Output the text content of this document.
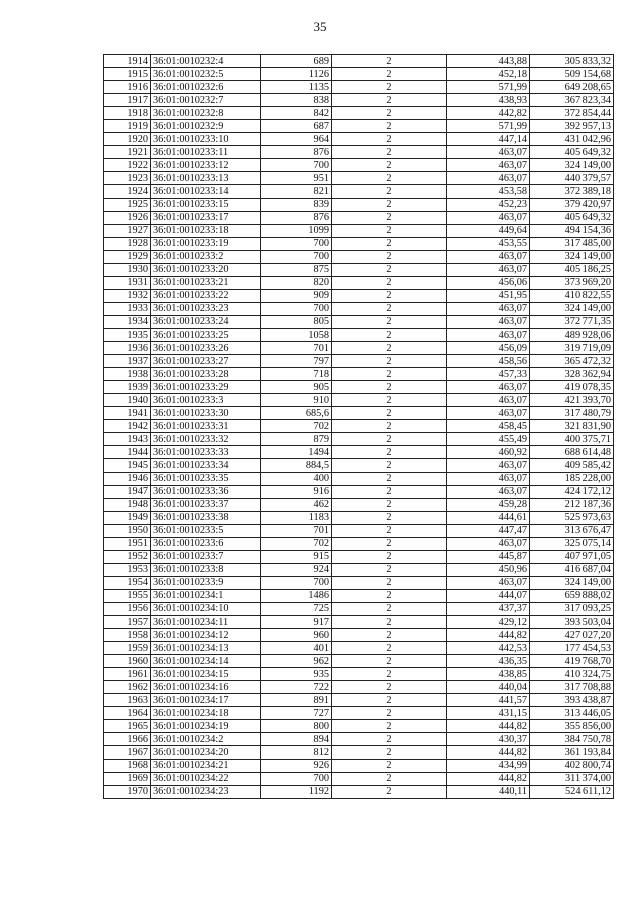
35
1914	36:01:0010232:4	689	2	443,88	305 833,32
1915	36:01:0010232:5	1126	2	452,18	509 154,68
1916	36:01:0010232:6	1135	2	571,99	649 208,65
1917	36:01:0010232:7	838	2	438,93	367 823,34
1918	36:01:0010232:8	842	2	442,82	372 854,44
1919	36:01:0010232:9	687	2	571,99	392 957,13
1920	36:01:0010233:10	964	2	447,14	431 042,96
1921	36:01:0010233:11	876	2	463,07	405 649,32
1922	36:01:0010233:12	700	2	463,07	324 149,00
1923	36:01:0010233:13	951	2	463,07	440 379,57
1924	36:01:0010233:14	821	2	453,58	372 389,18
1925	36:01:0010233:15	839	2	452,23	379 420,97
1926	36:01:0010233:17	876	2	463,07	405 649,32
1927	36:01:0010233:18	1099	2	449,64	494 154,36
1928	36:01:0010233:19	700	2	453,55	317 485,00
1929	36:01:0010233:2	700	2	463,07	324 149,00
1930	36:01:0010233:20	875	2	463,07	405 186,25
1931	36:01:0010233:21	820	2	456,06	373 969,20
1932	36:01:0010233:22	909	2	451,95	410 822,55
1933	36:01:0010233:23	700	2	463,07	324 149,00
1934	36:01:0010233:24	805	2	463,07	372 771,35
1935	36:01:0010233:25	1058	2	463,07	489 928,06
1936	36:01:0010233:26	701	2	456,09	319 719,09
1937	36:01:0010233:27	797	2	458,56	365 472,32
1938	36:01:0010233:28	718	2	457,33	328 362,94
1939	36:01:0010233:29	905	2	463,07	419 078,35
1940	36:01:0010233:3	910	2	463,07	421 393,70
1941	36:01:0010233:30	685,6	2	463,07	317 480,79
1942	36:01:0010233:31	702	2	458,45	321 831,90
1943	36:01:0010233:32	879	2	455,49	400 375,71
1944	36:01:0010233:33	1494	2	460,92	688 614,48
1945	36:01:0010233:34	884,5	2	463,07	409 585,42
1946	36:01:0010233:35	400	2	463,07	185 228,00
1947	36:01:0010233:36	916	2	463,07	424 172,12
1948	36:01:0010233:37	462	2	459,28	212 187,36
1949	36:01:0010233:38	1183	2	444,61	525 973,63
1950	36:01:0010233:5	701	2	447,47	313 676,47
1951	36:01:0010233:6	702	2	463,07	325 075,14
1952	36:01:0010233:7	915	2	445,87	407 971,05
1953	36:01:0010233:8	924	2	450,96	416 687,04
1954	36:01:0010233:9	700	2	463,07	324 149,00
1955	36:01:0010234:1	1486	2	444,07	659 888,02
1956	36:01:0010234:10	725	2	437,37	317 093,25
1957	36:01:0010234:11	917	2	429,12	393 503,04
1958	36:01:0010234:12	960	2	444,82	427 027,20
1959	36:01:0010234:13	401	2	442,53	177 454,53
1960	36:01:0010234:14	962	2	436,35	419 768,70
1961	36:01:0010234:15	935	2	438,85	410 324,75
1962	36:01:0010234:16	722	2	440,04	317 708,88
1963	36:01:0010234:17	891	2	441,57	393 438,87
1964	36:01:0010234:18	727	2	431,15	313 446,05
1965	36:01:0010234:19	800	2	444,82	355 856,00
1966	36:01:0010234:2	894	2	430,37	384 750,78
1967	36:01:0010234:20	812	2	444,82	361 193,84
1968	36:01:0010234:21	926	2	434,99	402 800,74
1969	36:01:0010234:22	700	2	444,82	311 374,00
1970	36:01:0010234:23	1192	2	440,11	524 611,12
